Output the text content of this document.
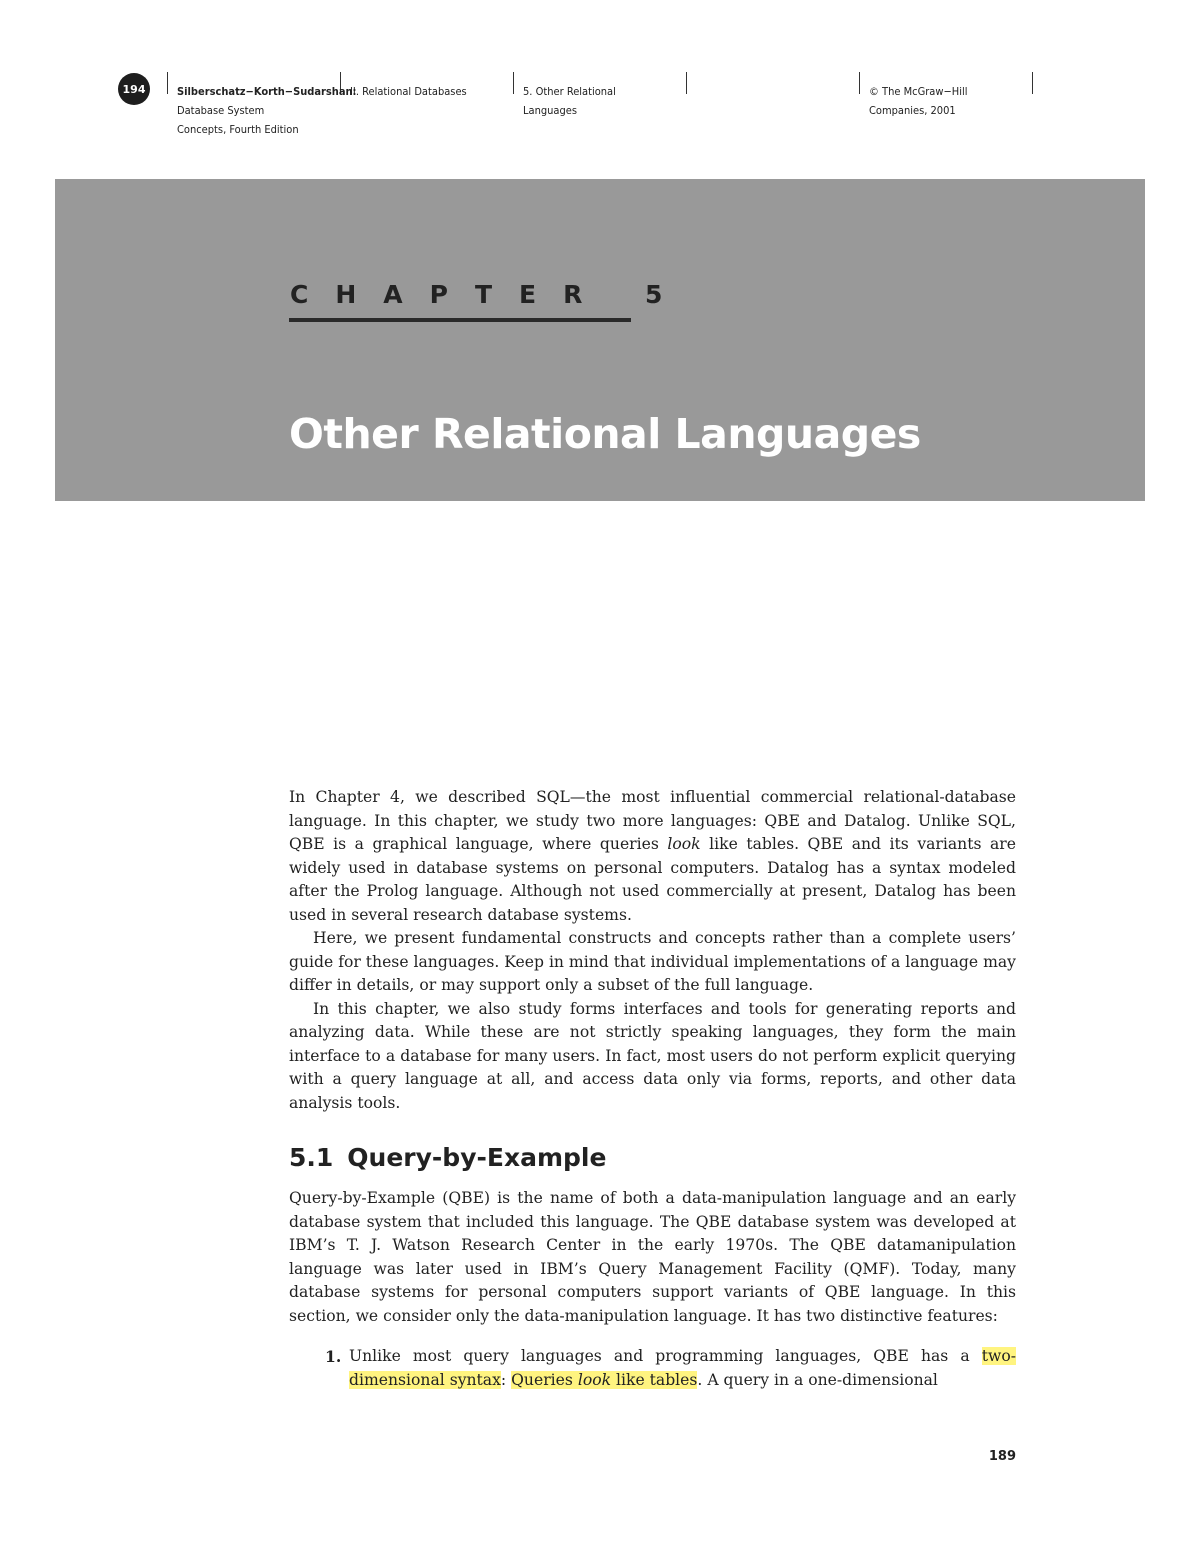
194	Silberschatz−Korth−Sudarshan:
Database System
Concepts, Fourth Edition
II. Relational Databases	5. Other Relational
Languages
© The McGraw−Hill
Companies, 2001
CHAPTER 5
Other Relational Languages

In Chapter 4, we described SQL—the most influential commercial relational-database language. In this chapter, we study two more languages: QBE and Datalog. Unlike SQL, QBE is a graphical language, where queries look like tables. QBE and its variants are widely used in database systems on personal computers. Datalog has a syntax modeled after the Prolog language. Although not used commercially at present, Datalog has been used in several research database systems.

Here, we present fundamental constructs and concepts rather than a complete users’ guide for these languages. Keep in mind that individual implementations of a language may differ in details, or may support only a subset of the full language.

In this chapter, we also study forms interfaces and tools for generating reports and analyzing data. While these are not strictly speaking languages, they form the main interface to a database for many users. In fact, most users do not perform explicit querying with a query language at all, and access data only via forms, reports, and other data analysis tools.

5.1 Query-by-Example

Query-by-Example (QBE) is the name of both a data-manipulation language and an early database system that included this language. The QBE database system was developed at IBM’s T. J. Watson Research Center in the early 1970s. The QBE datamanipulation language was later used in IBM’s Query Management Facility (QMF). Today, many database systems for personal computers support variants of QBE language. In this section, we consider only the data-manipulation language. It has two distinctive features:

1. Unlike most query languages and programming languages, QBE has a twodimensional syntax: Queries look like tables. A query in a one-dimensional
189
